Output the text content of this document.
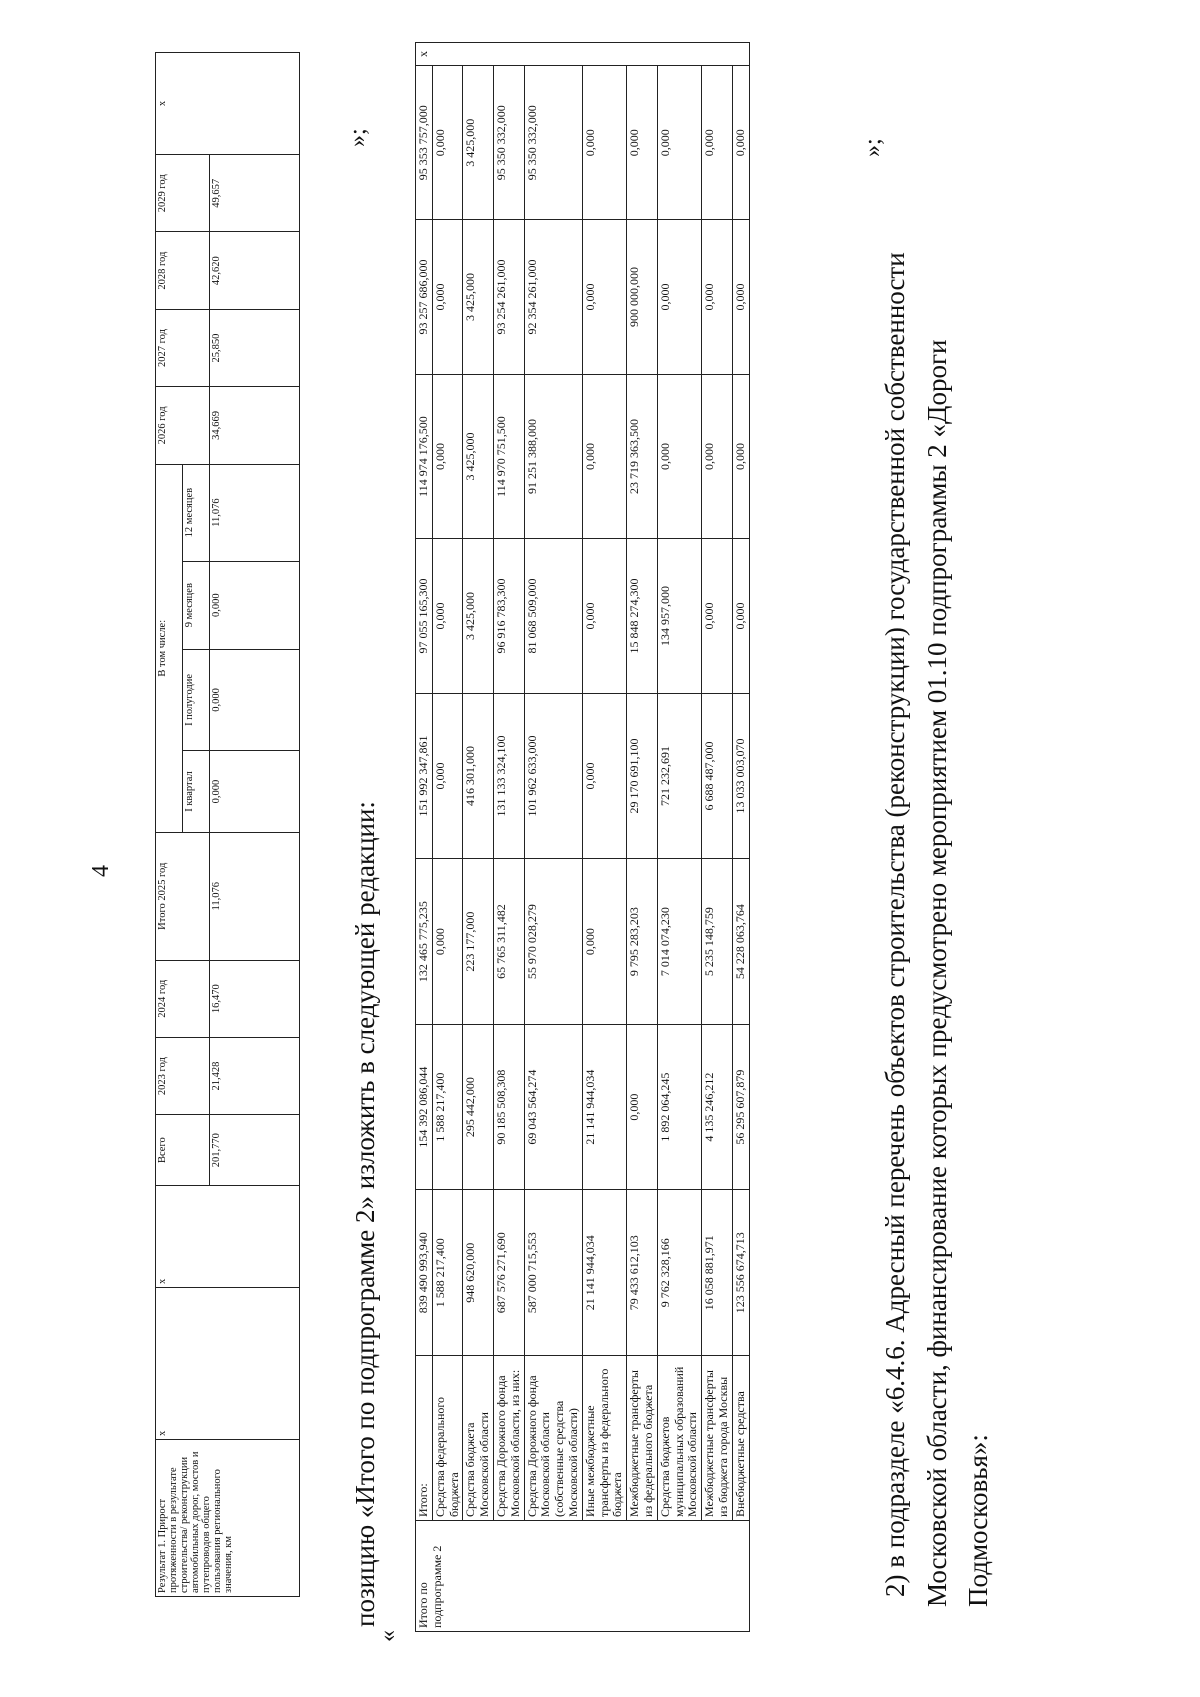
4
Результат 1. Прирост протяженности в результате строительства/ реконструкции автомобильных дорог, мостов и путепроводов общего пользования регионального значения, км	х	х	Всего	2023 год	2024 год	Итого 2025 год	В том числе:				2026 год	2027 год	2028 год	2029 год	х
							I квартал	I полугодие	9 месяцев	12 месяцев					
			201,770	21,428	16,470	11,076	0,000	0,000	0,000	11,076	34,669	25,850	42,620	49,657	
»;
позицию «Итого по подпрограмме 2» изложить в следующей редакции:
«
Итого по подпрограмме 2	Итого:	839 490 993,940	154 392 086,044	132 465 775,235	151 992 347,861	97 055 165,300	114 974 176,500	93 257 686,000	95 353 757,000	х
	Средства федерального бюджета	1 588 217,400	1 588 217,400	0,000	0,000	0,000	0,000	0,000	0,000	
	Средства бюджета Московской области	948 620,000	295 442,000	223 177,000	416 301,000	3 425,000	3 425,000	3 425,000	3 425,000	
	Средства Дорожного фонда Московской области, из них:	687 576 271,690	90 185 508,308	65 765 311,482	131 133 324,100	96 916 783,300	114 970 751,500	93 254 261,000	95 350 332,000	
	Средства Дорожного фонда Московской области (собственные средства Московской области)	587 000 715,553	69 043 564,274	55 970 028,279	101 962 633,000	81 068 509,000	91 251 388,000	92 354 261,000	95 350 332,000	
	Иные межбюджетные трансферты из федерального бюджета	21 141 944,034	21 141 944,034	0,000	0,000	0,000	0,000	0,000	0,000	
	Межбюджетные трансферты из федерального бюджета	79 433 612,103	0,000	9 795 283,203	29 170 691,100	15 848 274,300	23 719 363,500	900 000,000	0,000	
	Средства бюджетов муниципальных образований Московской области	9 762 328,166	1 892 064,245	7 014 074,230	721 232,691	134 957,000	0,000	0,000	0,000	
	Межбюджетные трансферты из бюджета города Москвы	16 058 881,971	4 135 246,212	5 235 148,759	6 688 487,000	0,000	0,000	0,000	0,000	
	Внебюджетные средства	123 556 674,713	56 295 607,879	54 228 063,764	13 033 003,070	0,000	0,000	0,000	0,000		»;
2) в подразделе «6.4.6. Адресный перечень объектов строительства (реконструкции) государственной собственности Московской области, финансирование которых предусмотрено мероприятием 01.10 подпрограммы 2 «Дороги Подмосковья»:
